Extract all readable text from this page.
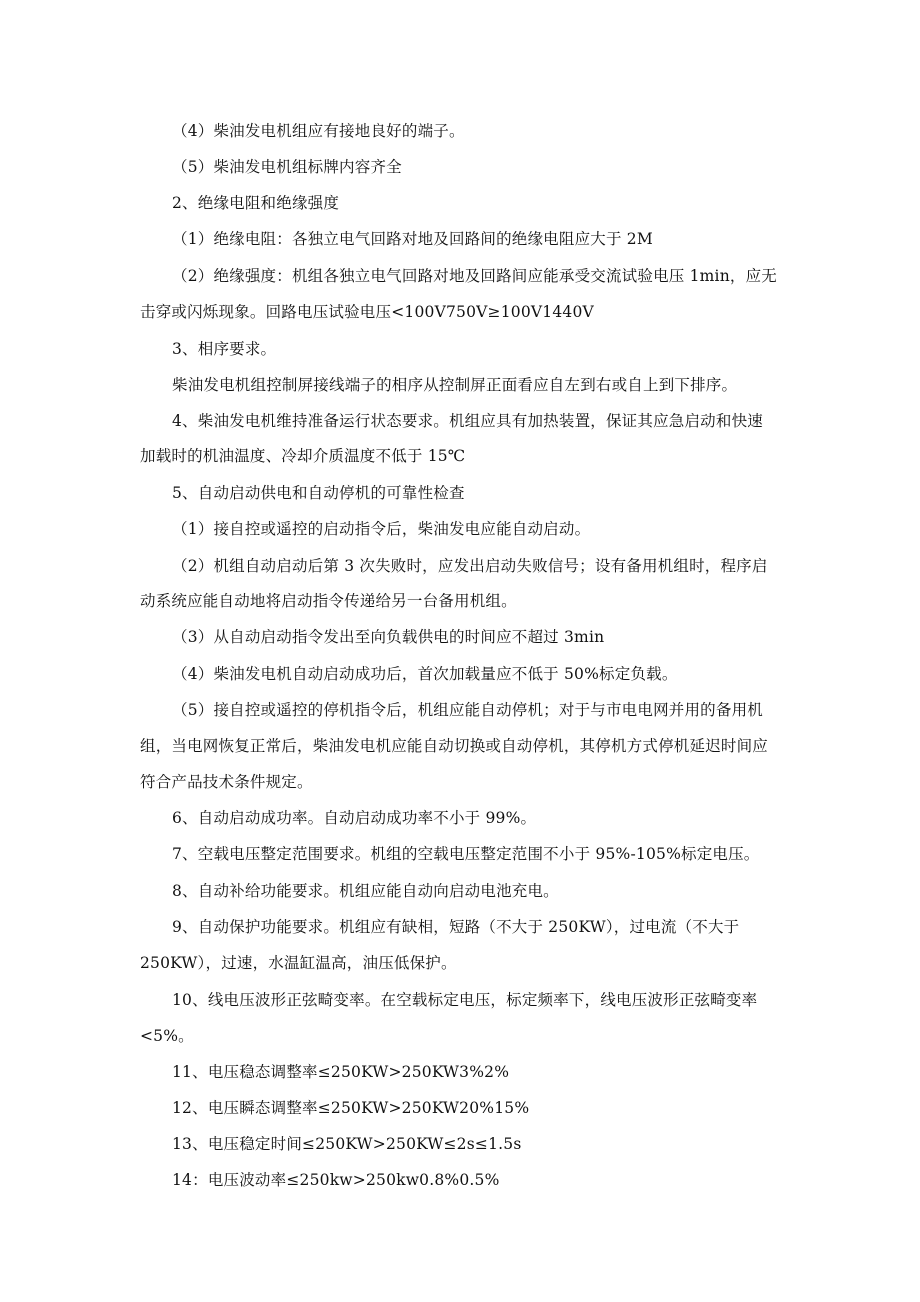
（4）柴油发电机组应有接地良好的端子。
（5）柴油发电机组标牌内容齐全
2、绝缘电阻和绝缘强度
（1）绝缘电阻：各独立电气回路对地及回路间的绝缘电阻应大于 2M
（2）绝缘强度：机组各独立电气回路对地及回路间应能承受交流试验电压 1min，应无
击穿或闪烁现象。回路电压试验电压<100V750V≥100V1440V
3、相序要求。
柴油发电机组控制屏接线端子的相序从控制屏正面看应自左到右或自上到下排序。
4、柴油发电机维持准备运行状态要求。机组应具有加热装置，保证其应急启动和快速
加载时的机油温度、冷却介质温度不低于 15℃
5、自动启动供电和自动停机的可靠性检查
（1）接自控或遥控的启动指令后，柴油发电应能自动启动。
（2）机组自动启动后第 3 次失败时，应发出启动失败信号；设有备用机组时，程序启
动系统应能自动地将启动指令传递给另一台备用机组。
（3）从自动启动指令发出至向负载供电的时间应不超过 3min
（4）柴油发电机自动启动成功后，首次加载量应不低于 50%标定负载。
（5）接自控或遥控的停机指令后，机组应能自动停机；对于与市电电网并用的备用机
组，当电网恢复正常后，柴油发电机应能自动切换或自动停机，其停机方式停机延迟时间应
符合产品技术条件规定。
6、自动启动成功率。自动启动成功率不小于 99%。
7、空载电压整定范围要求。机组的空载电压整定范围不小于 95%-105%标定电压。
8、自动补给功能要求。机组应能自动向启动电池充电。
9、自动保护功能要求。机组应有缺相，短路（不大于 250KW），过电流（不大于
250KW），过速，水温缸温高，油压低保护。
10、线电压波形正弦畸变率。在空载标定电压，标定频率下，线电压波形正弦畸变率
<5%。
11、电压稳态调整率≤250KW>250KW3%2%
12、电压瞬态调整率≤250KW>250KW20%15%
13、电压稳定时间≤250KW>250KW≤2s≤1.5s
14：电压波动率≤250kw>250kw0.8%0.5%
